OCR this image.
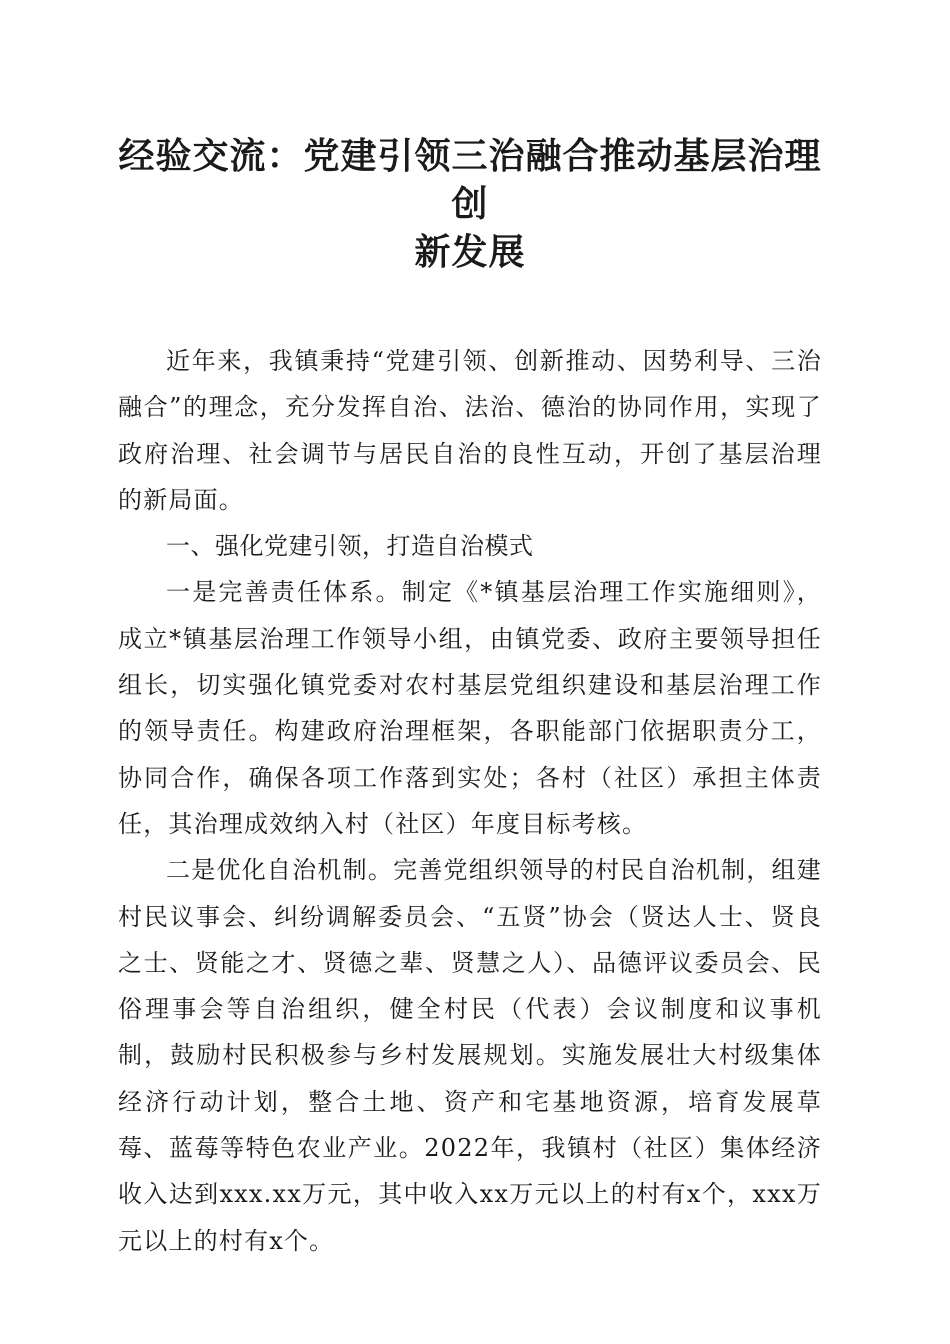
经验交流：党建引领三治融合推动基层治理创
新发展

近年来，我镇秉持“党建引领、创新推动、因势利导、三治融合”的理念，充分发挥自治、法治、德治的协同作用，实现了政府治理、社会调节与居民自治的良性互动，开创了基层治理的新局面。

一、强化党建引领，打造自治模式

一是完善责任体系。制定《*镇基层治理工作实施细则》，成立*镇基层治理工作领导小组，由镇党委、政府主要领导担任组长，切实强化镇党委对农村基层党组织建设和基层治理工作的领导责任。构建政府治理框架，各职能部门依据职责分工，协同合作，确保各项工作落到实处；各村（社区）承担主体责任，其治理成效纳入村（社区）年度目标考核。

二是优化自治机制。完善党组织领导的村民自治机制，组建村民议事会、纠纷调解委员会、“五贤”协会（贤达人士、贤良之士、贤能之才、贤德之辈、贤慧之人）、品德评议委员会、民俗理事会等自治组织，健全村民（代表）会议制度和议事机制，鼓励村民积极参与乡村发展规划。实施发展壮大村级集体经济行动计划，整合土地、资产和宅基地资源，培育发展草莓、蓝莓等特色农业产业。2022年，我镇村（社区）集体经济收入达到xxx.xx万元，其中收入xx万元以上的村有x个，xxx万元以上的村有x个。
